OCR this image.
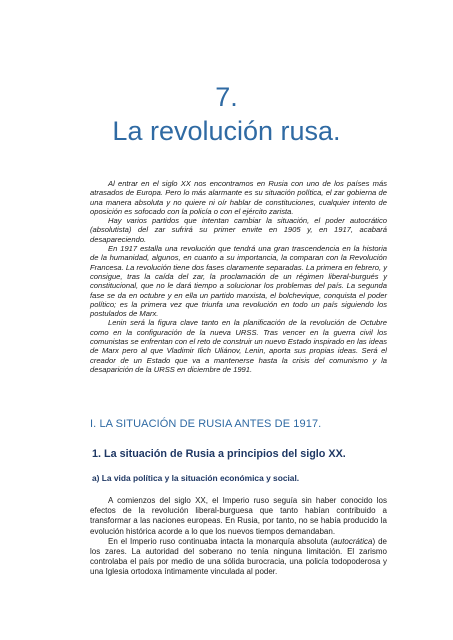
7.
La revolución rusa.

Al entrar en el siglo XX nos encontramos en Rusia con uno de los países más atrasados de Europa. Pero lo más alarmante es su situación política, el zar gobierna de una manera absoluta y no quiere ni oír hablar de constituciones, cualquier intento de oposición es sofocado con la policía o con el ejército zarista.

Hay varios partidos que intentan cambiar la situación, el poder autocrático (absolutista) del zar sufrirá su primer envite en 1905 y, en 1917, acabará desapareciendo.

En 1917 estalla una revolución que tendrá una gran trascendencia en la historia de la humanidad, algunos, en cuanto a su importancia, la comparan con la Revolución Francesa. La revolución tiene dos fases claramente separadas. La primera en febrero, y consigue, tras la caída del zar, la proclamación de un régimen liberal-burgués y constitucional, que no le dará tiempo a solucionar los problemas del país. La segunda fase se da en octubre y en ella un partido marxista, el bolchevique, conquista el poder político; es la primera vez que triunfa una revolución en todo un país siguiendo los postulados de Marx.

Lenin será la figura clave tanto en la planificación de la revolución de Octubre como en la configuración de la nueva URSS. Tras vencer en la guerra civil los comunistas se enfrentan con el reto de construir un nuevo Estado inspirado en las ideas de Marx pero al que Vladimir Ilich Uliánov, Lenin, aporta sus propias ideas. Será el creador de un Estado que va a mantenerse hasta la crisis del comunismo y la desaparición de la URSS en diciembre de 1991.

I. LA SITUACIÓN DE RUSIA ANTES DE 1917.
1. La situación de Rusia a principios del siglo XX.
a) La vida política y la situación económica y social.

A comienzos del siglo XX, el Imperio ruso seguía sin haber conocido los efectos de la revolución liberal-burguesa que tanto habían contribuido a transformar a las naciones europeas. En Rusia, por tanto, no se había producido la evolución histórica acorde a lo que los nuevos tiempos demandaban.

En el Imperio ruso continuaba intacta la monarquía absoluta (autocrática) de los zares. La autoridad del soberano no tenía ninguna limitación. El zarismo controlaba el país por medio de una sólida burocracia, una policía todopoderosa y una Iglesia ortodoxa íntimamente vinculada al poder.
